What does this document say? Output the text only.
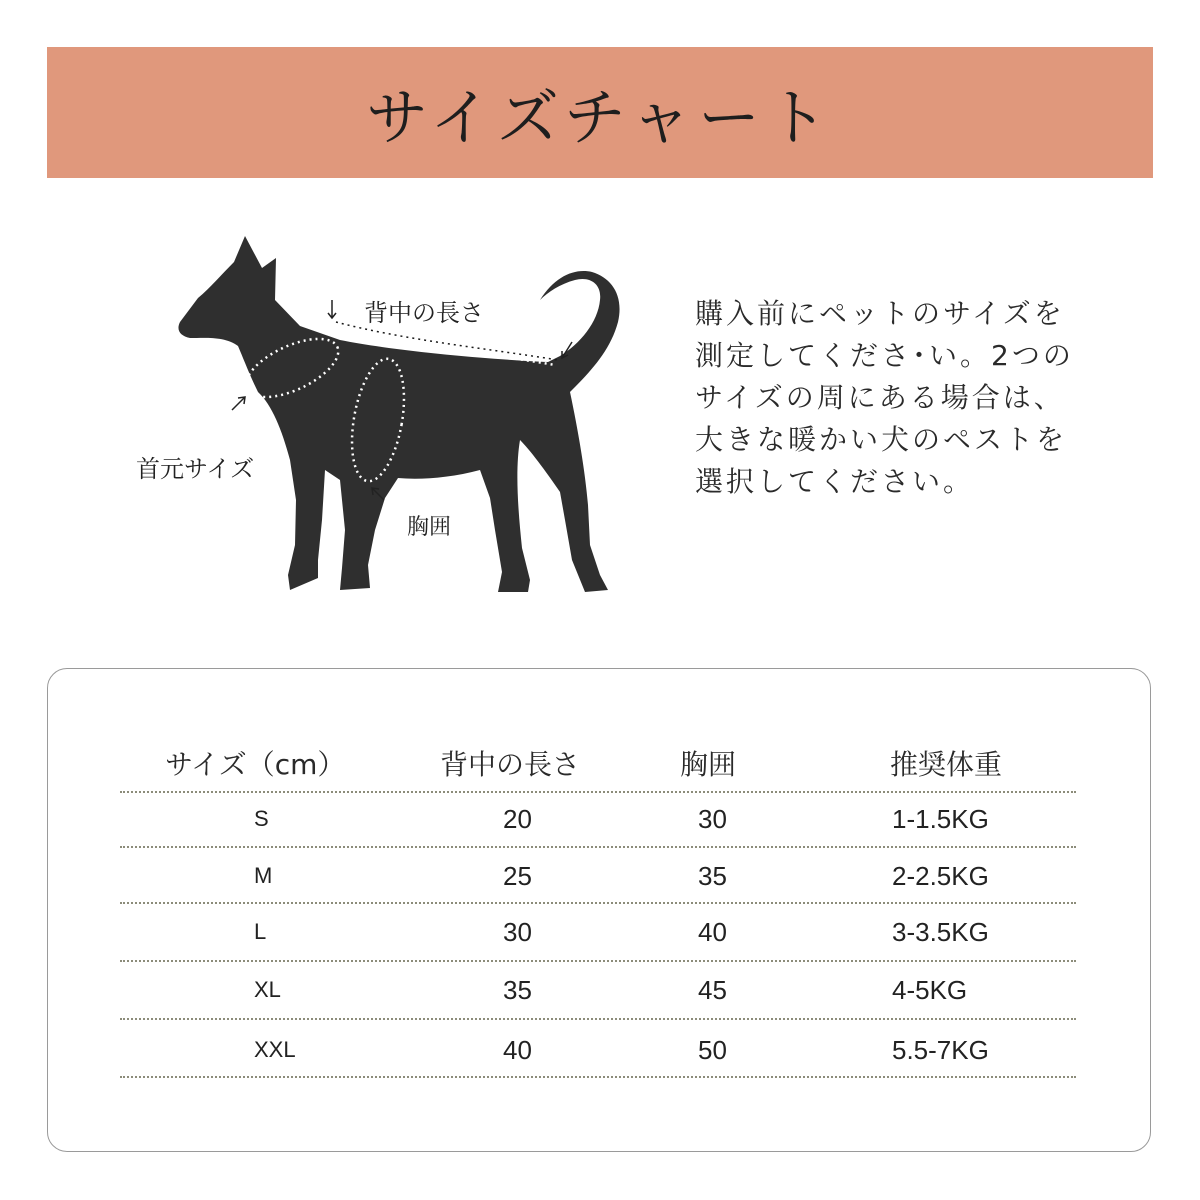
サイズチャート
背中の長さ
首元サイズ
胸囲

購入前にペットのサイズを
測定してくださ･い。2つの
サイズの周にある場合は、
大きな暖かい犬のペストを
選択してください。

サイズ（cm）	背中の長さ	胸囲	推奨体重
S	20	30	1-1.5KG
M	25	35	2-2.5KG
L	30	40	3-3.5KG
XL	35	45	4-5KG
XXL	40	50	5.5-7KG
